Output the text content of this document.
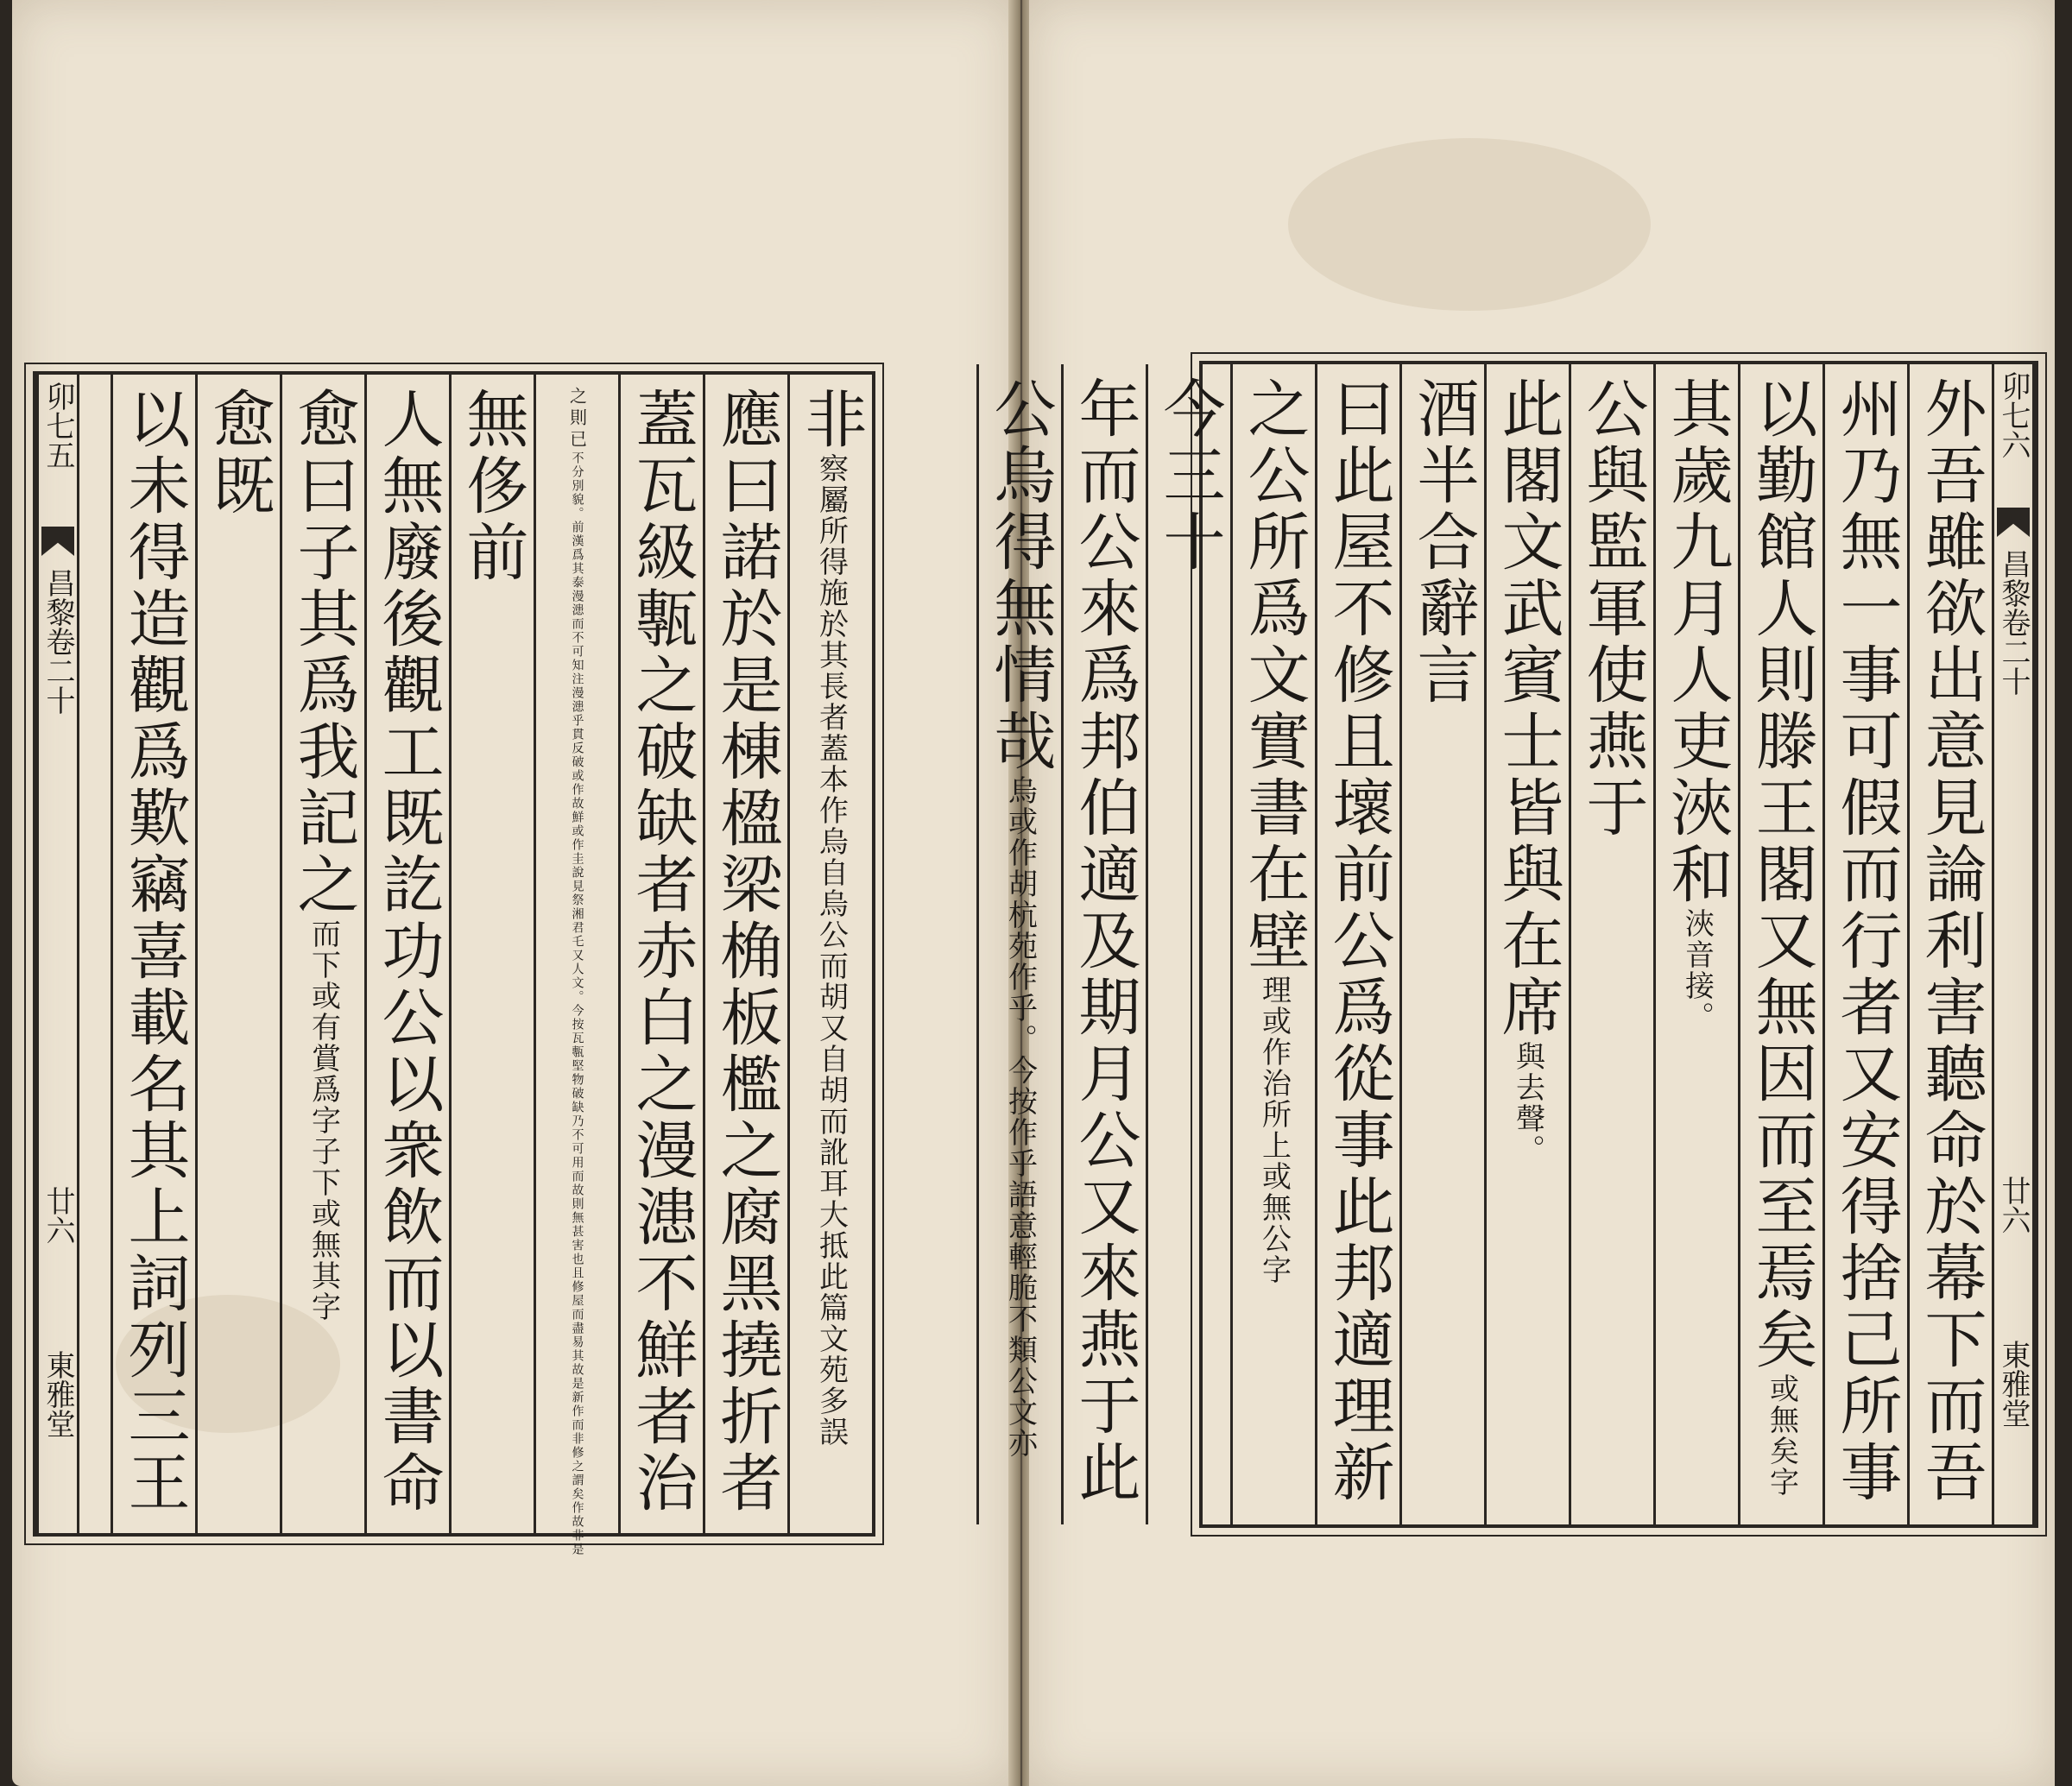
卯七五
昌黎卷二十
廿六
東雅堂
非察屬所得施於其長者蓋本作烏自烏公而胡又自胡而訛耳大抵此篇文苑多誤
應曰諾於是棟楹梁桷板檻之腐黑撓折者
蓋瓦級甎之破缺者赤白之漫漶不鮮者治
之則已不分別貌。前漢爲其泰漫漶而不可知注漫漶乎貫反破或作故鮮或作圭說見祭湘君乇又人文。今按瓦甎堅物破缺乃不可用而故則無甚害也且修屋而盡易其故是新作而非修之謂矣作故非是
無侈前
人無廢後觀工既訖功公以衆飲而以書命
愈曰子其爲我記之而下或有賞爲字子下或無其字
愈既
以未得造觀爲歎竊喜載名其上詞列三王	卯七六
昌黎卷二十
廿六
東雅堂
外吾雖欲出意見論利害聽命於幕下而吾
州乃無一事可假而行者又安得捨己所事
以勤館人則滕王閣又無因而至焉矣或無矣字
其歲九月人吏浹和浹音接。
公與監軍使燕于
此閣文武賓士皆與在席與去聲。
酒半合辭言
曰此屋不修且壞前公爲從事此邦適理新
之公所爲文實書在壁理或作治所上或無公字
今三十
年而公來爲邦伯適及期月公又來燕于此
公烏得無情哉烏或作胡杭苑作乎。今按作乎語意輕脆不類公文亦
